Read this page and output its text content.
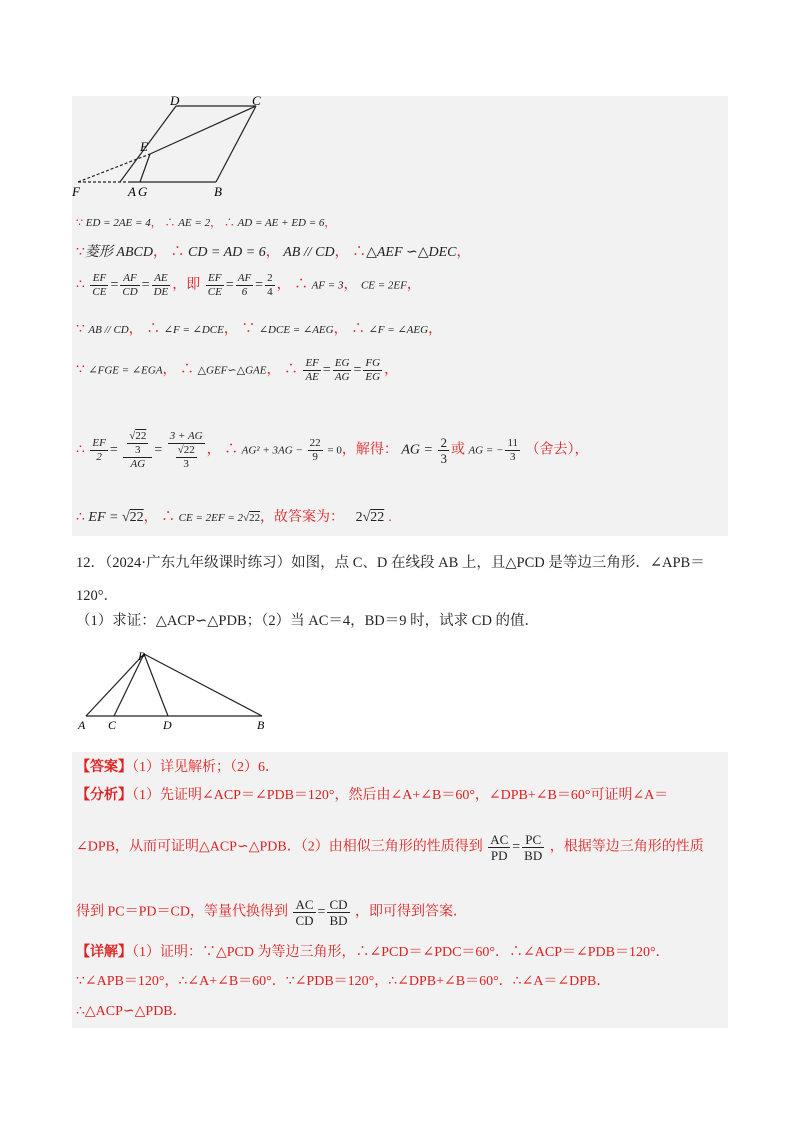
D	C
E
F	A G	B
∵ ED = 2AE = 4， ∴ AE = 2， ∴ AD = AE + ED = 6，
∵菱形 ABCD， ∴ CD = AD = 6， AB // CD， ∴△AEF ∽△DEC，
∴ $\frac{EF}{CE} = \frac{AF}{CD} = \frac{AE}{DE}$ ，即 $\frac{EF}{CE} = \frac{AF}{6} = \frac{2}{4}$ ， ∴ AF = 3， CE = 2EF，
∵ AB // CD， ∴ ∠F = ∠DCE， ∵ ∠DCE = ∠AEG， ∴ ∠F = ∠AEG，
∵ ∠FGE = ∠EGA， ∴ △GEF∽△GAE， ∴ $\frac{EF}{AE} = \frac{EG}{AG} = \frac{FG}{EG}$ ，
∴ $\frac{EF}{2} = \frac{\frac{√22}{3}}{AG} = \frac{3 + AG}{\frac{√22}{3}}$ ， ∴ $AG^2 + 3AG - \frac{22}{9} = 0$，解得： AG = $\frac{2}{3}$ 或 AG = − $\frac{11}{3}$ （舍去），
∴ EF = √22， ∴ CE = 2EF = 2√22，故答案为： 2√22 .
12．（2024·广东九年级课时练习）如图，点 C、D 在线段 AB 上，且△PCD 是等边三角形．∠APB＝
120°．
（1）求证：△ACP∽△PDB；（2）当 AC＝4，BD＝9 时，试求 CD 的值．
P
A C	D	B
【答案】（1）详见解析；（2）6．
【分析】（1）先证明∠ACP＝∠PDB＝120°，然后由∠A+∠B＝60°，∠DPB+∠B＝60°可证明∠A＝
∠DPB，从而可证明△ACP∽△PDB．（2）由相似三角形的性质得到 $\frac{AC}{PD} = \frac{PC}{BD}$ ，根据等边三角形的性质
得到 PC＝PD＝CD，等量代换得到 $\frac{AC}{CD} = \frac{CD}{BD}$ ，即可得到答案．
【详解】（1）证明：∵△PCD 为等边三角形，∴∠PCD＝∠PDC＝60°．∴∠ACP＝∠PDB＝120°．
∵∠APB＝120°，∴∠A+∠B＝60°．∵∠PDB＝120°，∴∠DPB+∠B＝60°．∴∠A＝∠DPB．
∴△ACP∽△PDB．
